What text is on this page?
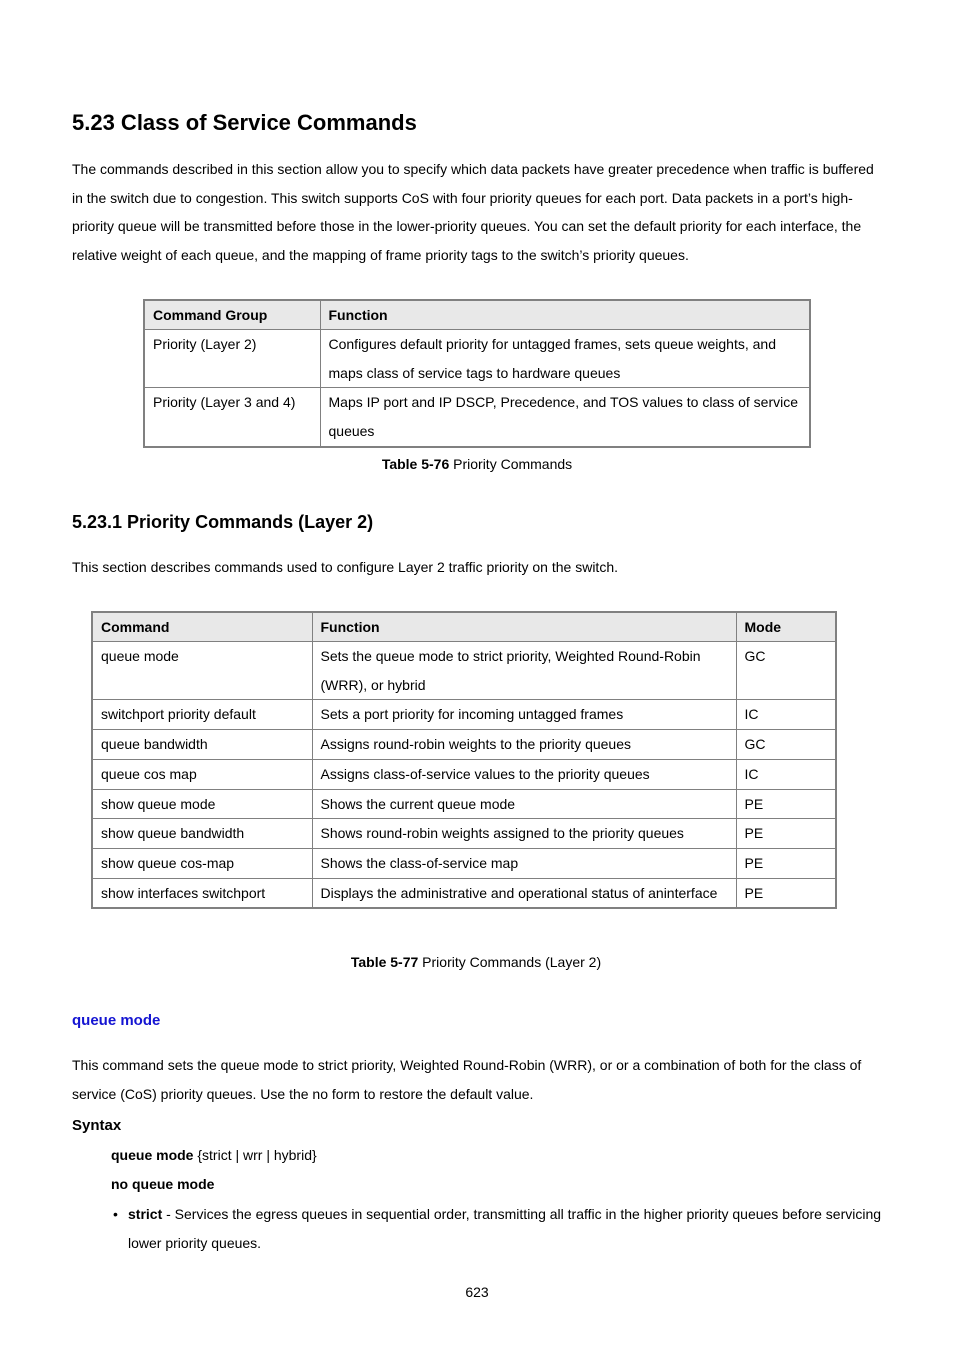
5.23 Class of Service Commands

The commands described in this section allow you to specify which data packets have greater precedence when traffic is buffered in the switch due to congestion. This switch supports CoS with four priority queues for each port. Data packets in a port’s high-priority queue will be transmitted before those in the lower-priority queues. You can set the default priority for each interface, the relative weight of each queue, and the mapping of frame priority tags to the switch’s priority queues.

Command Group	Function
Priority (Layer 2)	Configures default priority for untagged frames, sets queue weights, and maps class of service tags to hardware queues
Priority (Layer 3 and 4)	Maps IP port and IP DSCP, Precedence, and TOS values to class of service queues
Table 5-76 Priority Commands
5.23.1 Priority Commands (Layer 2)

This section describes commands used to configure Layer 2 traffic priority on the switch.

Command	Function	Mode
queue mode	Sets the queue mode to strict priority, Weighted Round-Robin (WRR), or hybrid	GC
switchport priority default	Sets a port priority for incoming untagged frames	IC
queue bandwidth	Assigns round-robin weights to the priority queues	GC
queue cos map	Assigns class-of-service values to the priority queues	IC
show queue mode	Shows the current queue mode	PE
show queue bandwidth	Shows round-robin weights assigned to the priority queues	PE
show queue cos-map	Shows the class-of-service map	PE
show interfaces switchport	Displays the administrative and operational status of aninterface	PE
Table 5-77 Priority Commands (Layer 2)
queue mode

This command sets the queue mode to strict priority, Weighted Round-Robin (WRR), or or a combination of both for the class of service (CoS) priority queues. Use the no form to restore the default value.

Syntax
queue mode {strict | wrr | hybrid}
no queue mode
• strict - Services the egress queues in sequential order, transmitting all traffic in the higher priority queues before servicing lower priority queues.
623
